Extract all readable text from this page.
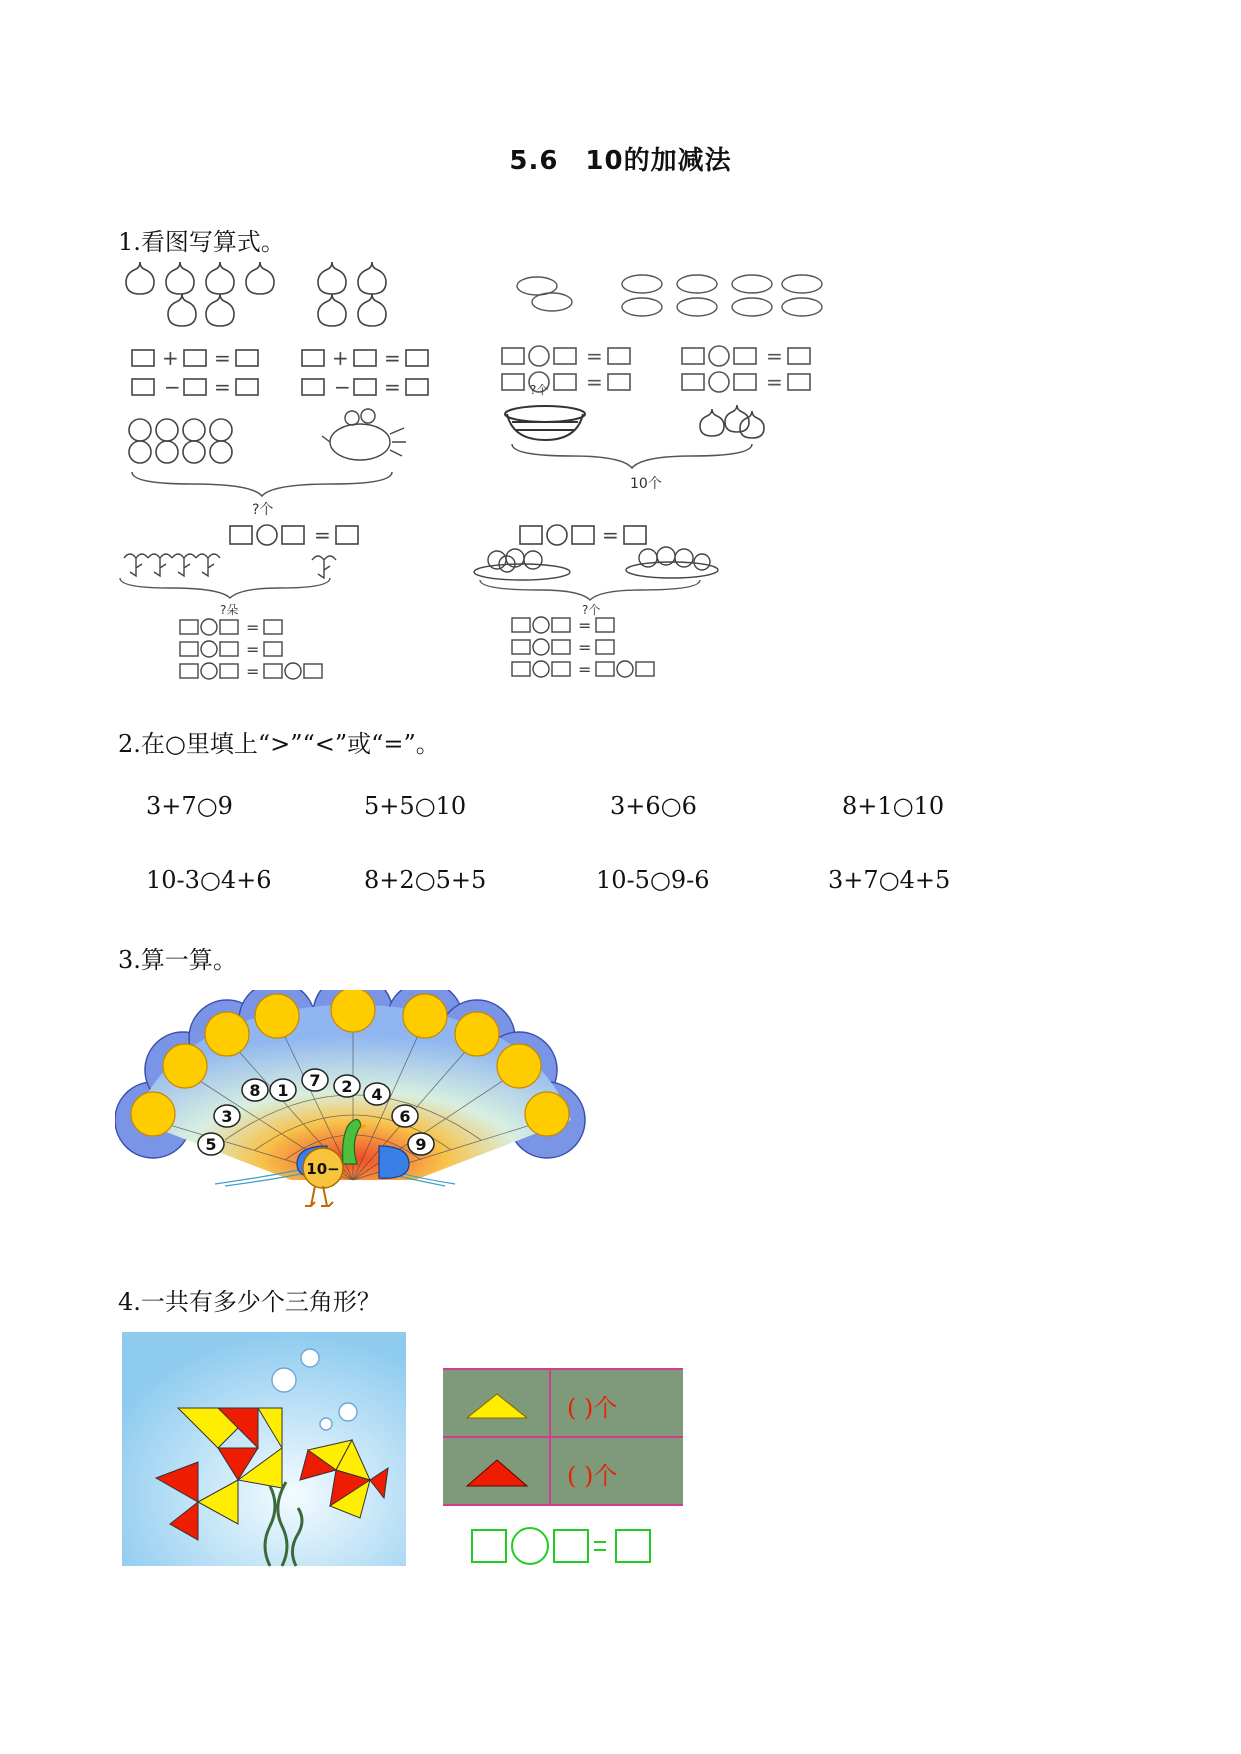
5.6　10的加减法
1.看图写算式。
+ =
− =
+ =
− =
=
=
=
=
?个
=
?个
10个
=
?朵
=
=
=
?个
=
=
=
2.在○里填上“>”“<”或“=”。
3+7○9	5+5○10	3+6○6	8+1○10
10-3○4+6	8+2○5+5	10-5○9-6	3+7○4+5
3.算一算。
1
7
8	2
3
4
5
6
9
10−
4.一共有多少个三角形？
( )个
( )个
